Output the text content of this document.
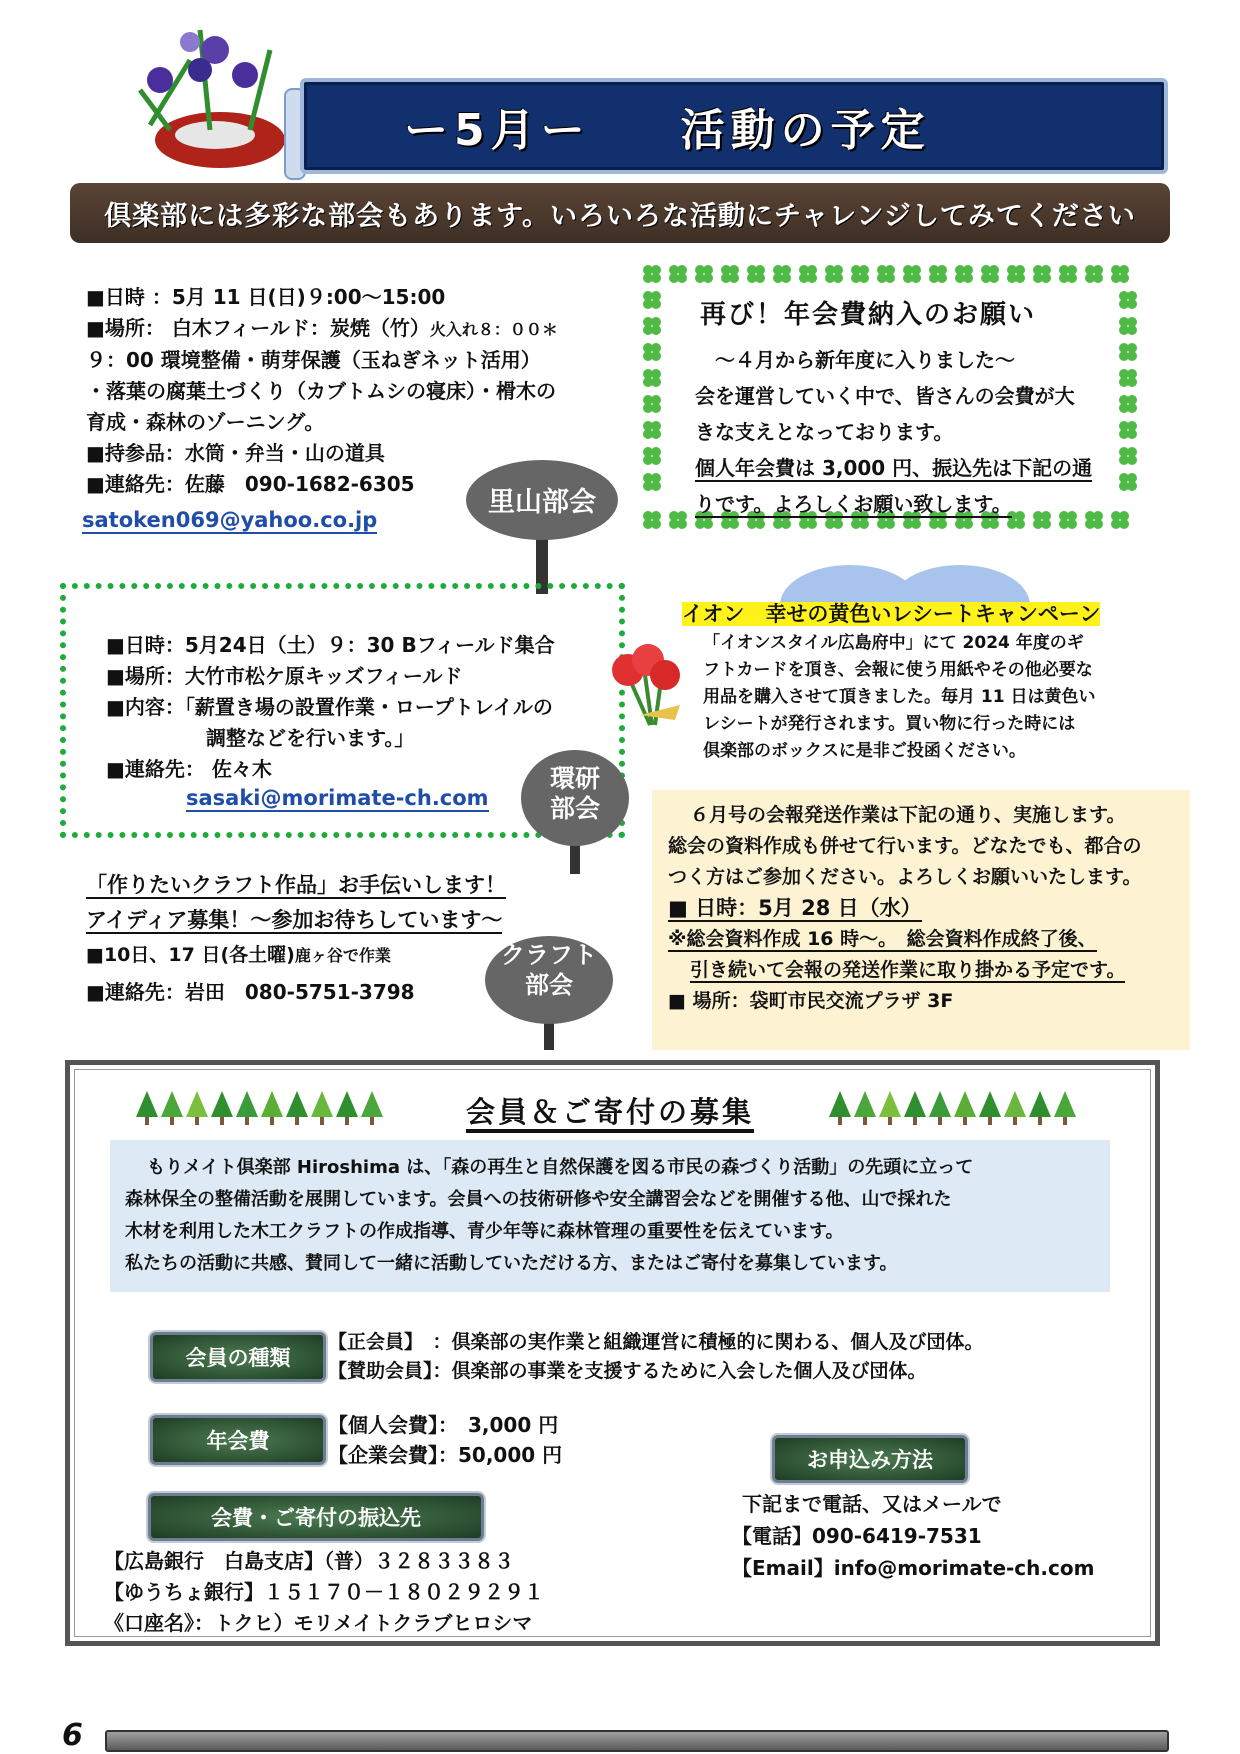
ー5月ー 活動の予定
倶楽部には多彩な部会もあります。いろいろな活動にチャレンジしてみてください
■日時 ：5月 11 日(日)９:00～15:00
■場所： 白木フィールド：炭焼（竹）火入れ８：００＊
９：00 環境整備・萌芽保護（玉ねぎネット活用）
・落葉の腐葉土づくり（カブトムシの寝床）・榾木の
育成・森林のゾーニング。
■持参品：水筒・弁当・山の道具
■連絡先：佐藤　090-1682-6305
satoken069@yahoo.co.jp
里山部会
再び！年会費納入のお願い
～４月から新年度に入りました～
会を運営していく中で、皆さんの会費が大
きな支えとなっております。
個人年会費は 3,000 円、振込先は下記の通
りです。よろしくお願い致します。
■日時：5月24日（土）９：30 Bフィールド集合
■場所：大竹市松ケ原キッズフィールド
■内容：「薪置き場の設置作業・ロープトレイルの
調整などを行います。」
■連絡先： 佐々木
sasaki@morimate-ch.com
環研
部会
イオン　幸せの黄色いレシートキャンペーン
「イオンスタイル広島府中」にて 2024 年度のギ
フトカードを頂き、会報に使う用紙やその他必要な
用品を購入させて頂きました。毎月 11 日は黄色い
レシートが発行されます。買い物に行った時には
倶楽部のボックスに是非ご投函ください。
「作りたいクラフト作品」お手伝いします！
アイディア募集！～参加お待ちしています～
■10日、17 日(各土曜)鹿ヶ谷で作業
■連絡先：岩田　080-5751-3798
クラフト
部会
６月号の会報発送作業は下記の通り、実施します。
総会の資料作成も併せて行います。どなたでも、都合の
つく方はご参加ください。よろしくお願いいたします。
■ 日時：5月 28 日（水）
※総会資料作成 16 時～。　総会資料作成終了後、
引き続いて会報の発送作業に取り掛かる予定です。
■ 場所：袋町市民交流プラザ 3F
会員＆ご寄付の募集
もりメイト倶楽部 Hiroshima は、「森の再生と自然保護を図る市民の森づくり活動」の先頭に立って
森林保全の整備活動を展開しています。会員への技術研修や安全講習会などを開催する他、山で採れた
木材を利用した木工クラフトの作成指導、青少年等に森林管理の重要性を伝えています。
私たちの活動に共感、賛同して一緒に活動していただける方、またはご寄付を募集しています。
会員の種類
【正会員】　：倶楽部の実作業と組織運営に積極的に関わる、個人及び団体。
【賛助会員】：倶楽部の事業を支援するために入会した個人及び団体。
年会費
【個人会費】：　3,000 円
【企業会費】：50,000 円
会費・ご寄付の振込先
【広島銀行　白島支店】（普）３２８３３８３
【ゆうちょ銀行】１５１７０－１８０２９２９１
《口座名》：トクヒ）モリメイトクラブヒロシマ
お申込み方法
下記まで電話、又はメールで
【電話】090-6419-7531
【Email】info@morimate-ch.com
6
